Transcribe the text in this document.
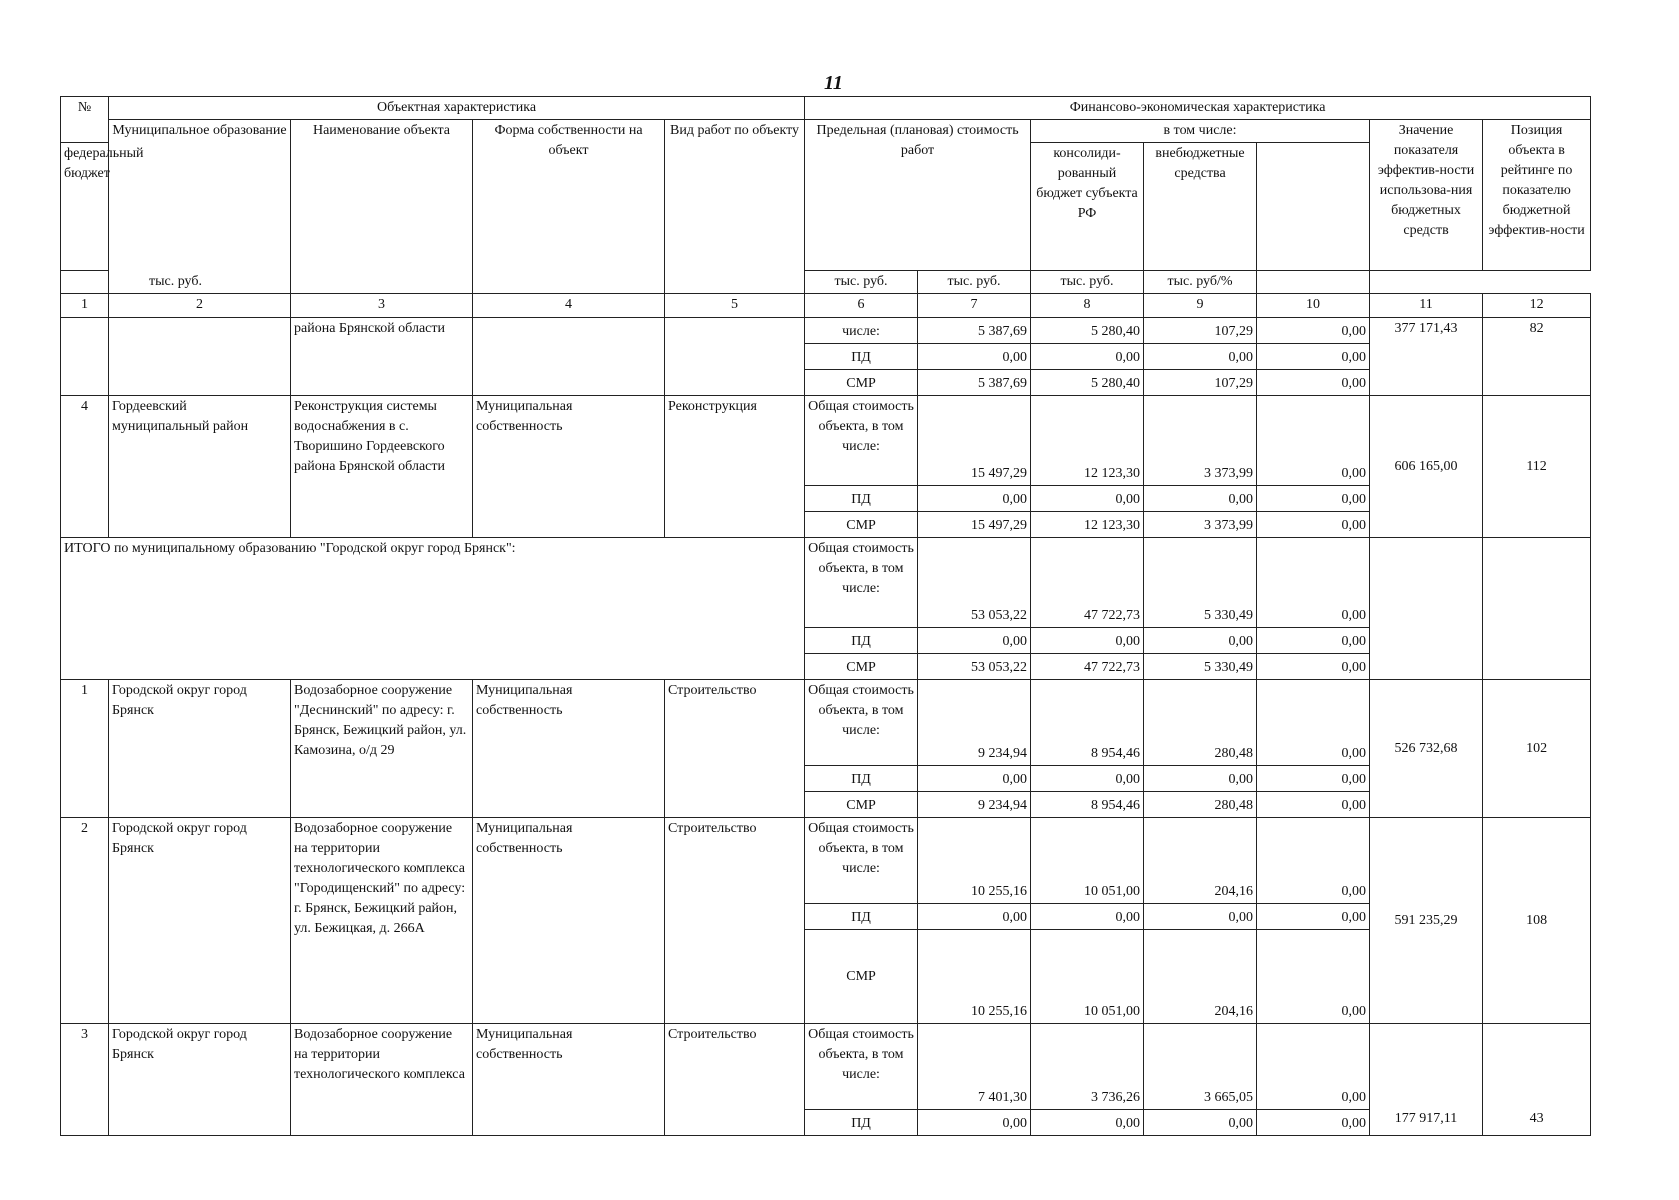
11
№	Объектная характеристика				Финансово-экономическая характеристика						
	Муниципальное образование	Наименование объекта	Форма собственности на объект	Вид работ по объекту	Предельная (плановая) стоимость работ		в том числе:			Значение показателя эффектив-ности использова-ния бюджетных средств	Позиция объекта в рейтинге по показателю бюджетной эффектив-ности
федеральный бюджет							консолиди-рованный бюджет субъекта РФ	внебюджетные средства			
тыс. руб.					тыс. руб.	тыс. руб.	тыс. руб.	тыс. руб/%			
1	2	3	4	5	6	7	8	9	10	11	12
		района Брянской области			числе:	5 387,69	5 280,40	107,29	0,00	377 171,43	82
					ПД	0,00	0,00	0,00	0,00		
					СМР	5 387,69	5 280,40	107,29	0,00		
4	Гордеевский муниципальный район	Реконструкция системы водоснабжения в с. Творишино Гордеевского района Брянской области	Муниципальная собственность	Реконструкция	Общая стоимость объекта, в том числе:	15 497,29	12 123,30	3 373,99	0,00	606 165,00	112
					ПД	0,00	0,00	0,00	0,00		
					СМР	15 497,29	12 123,30	3 373,99	0,00		
ИТОГО по муниципальному образованию "Городской округ город Брянск":					Общая стоимость объекта, в том числе:	53 053,22	47 722,73	5 330,49	0,00		
					ПД	0,00	0,00	0,00	0,00		
					СМР	53 053,22	47 722,73	5 330,49	0,00		
1	Городской округ город Брянск	Водозаборное сооружение "Деснинский" по адресу: г. Брянск, Бежицкий район, ул. Камозина, о/д 29	Муниципальная собственность	Строительство	Общая стоимость объекта, в том числе:	9 234,94	8 954,46	280,48	0,00	526 732,68	102
					ПД	0,00	0,00	0,00	0,00		
					СМР	9 234,94	8 954,46	280,48	0,00		
2	Городской округ город Брянск	Водозаборное сооружение на территории технологического комплекса "Городищенский" по адресу: г. Брянск, Бежицкий район, ул. Бежицкая, д. 266А	Муниципальная собственность	Строительство	Общая стоимость объекта, в том числе:	10 255,16	10 051,00	204,16	0,00	591 235,29	108
					ПД	0,00	0,00	0,00	0,00		
					СМР	10 255,16	10 051,00	204,16	0,00		
3	Городской округ город Брянск	Водозаборное сооружение на территории технологического комплекса	Муниципальная собственность	Строительство	Общая стоимость объекта, в том числе:	7 401,30	3 736,26	3 665,05	0,00	177 917,11	43
					ПД	0,00	0,00	0,00	0,00		
